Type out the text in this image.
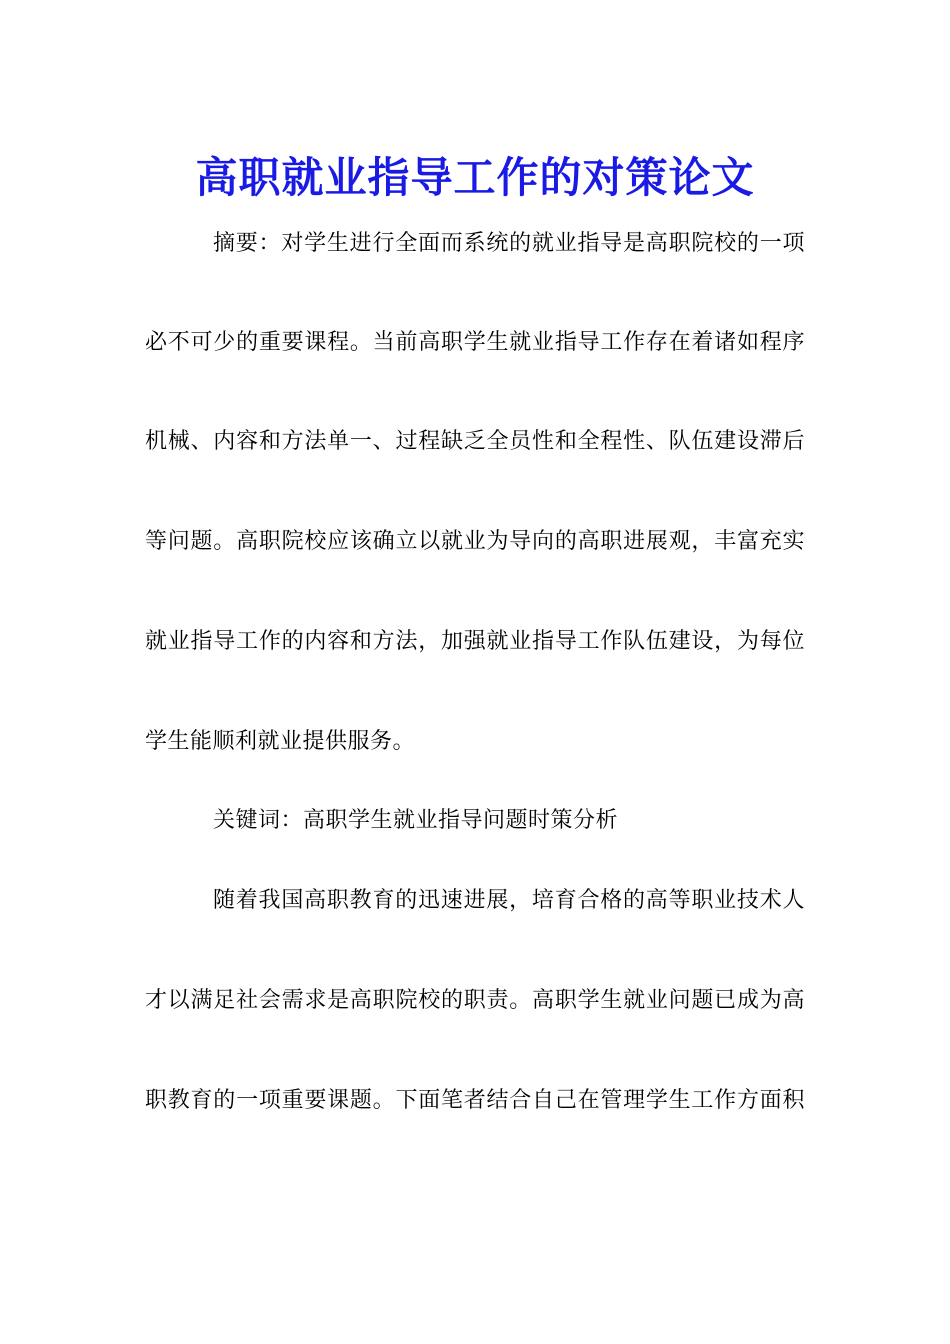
高职就业指导工作的对策论文
摘要：对学生进行全面而系统的就业指导是高职院校的一项
必不可少的重要课程。当前高职学生就业指导工作存在着诸如程序
机械、内容和方法单一、过程缺乏全员性和全程性、队伍建设滞后
等问题。高职院校应该确立以就业为导向的高职进展观，丰富充实
就业指导工作的内容和方法，加强就业指导工作队伍建设，为每位
学生能顺利就业提供服务。
关键词：高职学生就业指导问题时策分析
随着我国高职教育的迅速进展，培育合格的高等职业技术人
才以满足社会需求是高职院校的职责。高职学生就业问题已成为高
职教育的一项重要课题。下面笔者结合自己在管理学生工作方面积
